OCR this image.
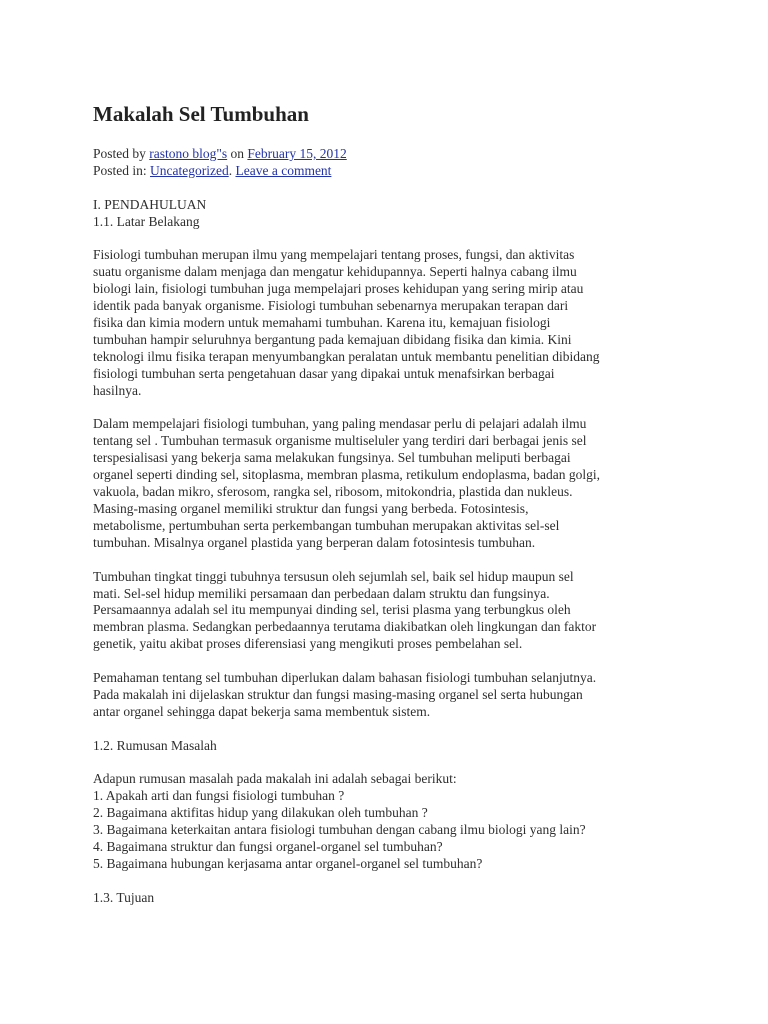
Makalah Sel Tumbuhan

Posted by rastono blog"s on February 15, 2012

Posted in: Uncategorized. Leave a comment

I. PENDAHULUAN

1.1. Latar Belakang

Fisiologi tumbuhan merupan ilmu yang mempelajari tentang proses, fungsi, dan aktivitas
suatu organisme dalam menjaga dan mengatur kehidupannya. Seperti halnya cabang ilmu
biologi lain, fisiologi tumbuhan juga mempelajari proses kehidupan yang sering mirip atau
identik pada banyak organisme. Fisiologi tumbuhan sebenarnya merupakan terapan dari
fisika dan kimia modern untuk memahami tumbuhan. Karena itu, kemajuan fisiologi
tumbuhan hampir seluruhnya bergantung pada kemajuan dibidang fisika dan kimia. Kini
teknologi ilmu fisika terapan menyumbangkan peralatan untuk membantu penelitian dibidang
fisiologi tumbuhan serta pengetahuan dasar yang dipakai untuk menafsirkan berbagai
hasilnya.

Dalam mempelajari fisiologi tumbuhan, yang paling mendasar perlu di pelajari adalah ilmu
tentang sel . Tumbuhan termasuk organisme multiseluler yang terdiri dari berbagai jenis sel
terspesialisasi yang bekerja sama melakukan fungsinya. Sel tumbuhan meliputi berbagai
organel seperti dinding sel, sitoplasma, membran plasma, retikulum endoplasma, badan golgi,
vakuola, badan mikro, sferosom, rangka sel, ribosom, mitokondria, plastida dan nukleus.
Masing-masing organel memiliki struktur dan fungsi yang berbeda. Fotosintesis,
metabolisme, pertumbuhan serta perkembangan tumbuhan merupakan aktivitas sel-sel
tumbuhan. Misalnya organel plastida yang berperan dalam fotosintesis tumbuhan.

Tumbuhan tingkat tinggi tubuhnya tersusun oleh sejumlah sel, baik sel hidup maupun sel
mati. Sel-sel hidup memiliki persamaan dan perbedaan dalam struktu dan fungsinya.
Persamaannya adalah sel itu mempunyai dinding sel, terisi plasma yang terbungkus oleh
membran plasma. Sedangkan perbedaannya terutama diakibatkan oleh lingkungan dan faktor
genetik, yaitu akibat proses diferensiasi yang mengikuti proses pembelahan sel.

Pemahaman tentang sel tumbuhan diperlukan dalam bahasan fisiologi tumbuhan selanjutnya.
Pada makalah ini dijelaskan struktur dan fungsi masing-masing organel sel serta hubungan
antar organel sehingga dapat bekerja sama membentuk sistem.

1.2. Rumusan Masalah

Adapun rumusan masalah pada makalah ini adalah sebagai berikut:

1. Apakah arti dan fungsi fisiologi tumbuhan ?
2. Bagaimana aktifitas hidup yang dilakukan oleh tumbuhan ?
3. Bagaimana keterkaitan antara fisiologi tumbuhan dengan cabang ilmu biologi yang lain?
4. Bagaimana struktur dan fungsi organel-organel sel tumbuhan?
5. Bagaimana hubungan kerjasama antar organel-organel sel tumbuhan?

1.3. Tujuan
